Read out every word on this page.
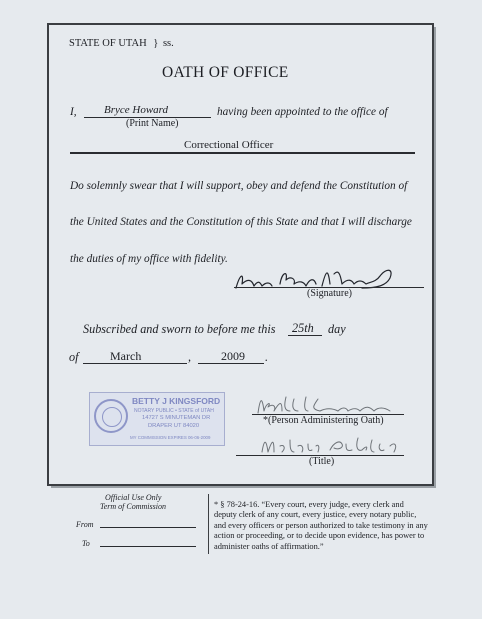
STATE OF UTAH } ss.
OATH OF OFFICE
I, Bryce Howard
(Print Name)
having been appointed to the office of
Correctional Officer
Do solemnly swear that I will support, obey and defend the Constitution of
the United States and the Constitution of this State and that I will discharge
the duties of my office with fidelity.
(Signature)
Subscribed and sworn to before me this 25th day
of	March	, 2009 .
BETTY J KINGSFORD
NOTARY PUBLIC • STATE of UTAH
14727 S MINUTEMAN DR
DRAPER UT 84020
MY COMMISSION EXPIRES 06-06-2009
*(Person Administering Oath)
(Title)
Official Use Only
Term of Commission
From
To
* § 78-24-16. “Every court, every judge, every clerk and deputy clerk of any court, every justice, every notary public, and every officers or person authorized to take testimony in any action or proceeding, or to decide upon evidence, has power to administer oaths of affirmation.”
